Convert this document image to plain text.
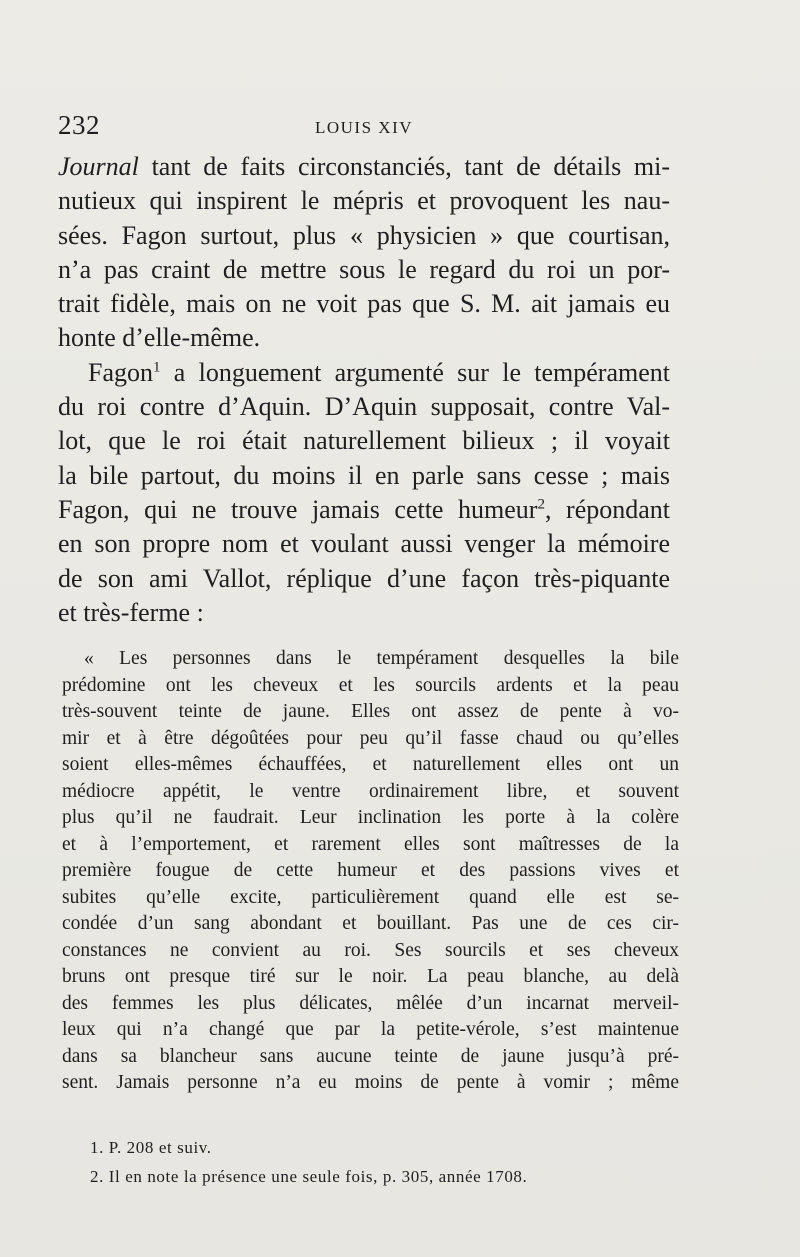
232	LOUIS XIV
Journal tant de faits circonstanciés, tant de détails mi-
nutieux qui inspirent le mépris et provoquent les nau-
sées. Fagon surtout, plus « physicien » que courtisan,
n’a pas craint de mettre sous le regard du roi un por-
trait fidèle, mais on ne voit pas que S. M. ait jamais eu
honte d’elle-même.
Fagon$^1$ a longuement argumenté sur le tempérament
du roi contre d’Aquin. D’Aquin supposait, contre Val-
lot, que le roi était naturellement bilieux ; il voyait
la bile partout, du moins il en parle sans cesse ; mais
Fagon, qui ne trouve jamais cette humeur$^2$, répondant
en son propre nom et voulant aussi venger la mémoire
de son ami Vallot, réplique d’une façon très-piquante
et très-ferme :
« Les personnes dans le tempérament desquelles la bile
prédomine ont les cheveux et les sourcils ardents et la peau
très-souvent teinte de jaune. Elles ont assez de pente à vo-
mir et à être dégoûtées pour peu qu’il fasse chaud ou qu’elles
soient elles-mêmes échauffées, et naturellement elles ont un
médiocre appétit, le ventre ordinairement libre, et souvent
plus qu’il ne faudrait. Leur inclination les porte à la colère
et à l’emportement, et rarement elles sont maîtresses de la
première fougue de cette humeur et des passions vives et
subites qu’elle excite, particulièrement quand elle est se-
condée d’un sang abondant et bouillant. Pas une de ces cir-
constances ne convient au roi. Ses sourcils et ses cheveux
bruns ont presque tiré sur le noir. La peau blanche, au delà
des femmes les plus délicates, mêlée d’un incarnat merveil-
leux qui n’a changé que par la petite-vérole, s’est maintenue
dans sa blancheur sans aucune teinte de jaune jusqu’à pré-
sent. Jamais personne n’a eu moins de pente à vomir ; même
1. P. 208 et suiv.
2. Il en note la présence une seule fois, p. 305, année 1708.
